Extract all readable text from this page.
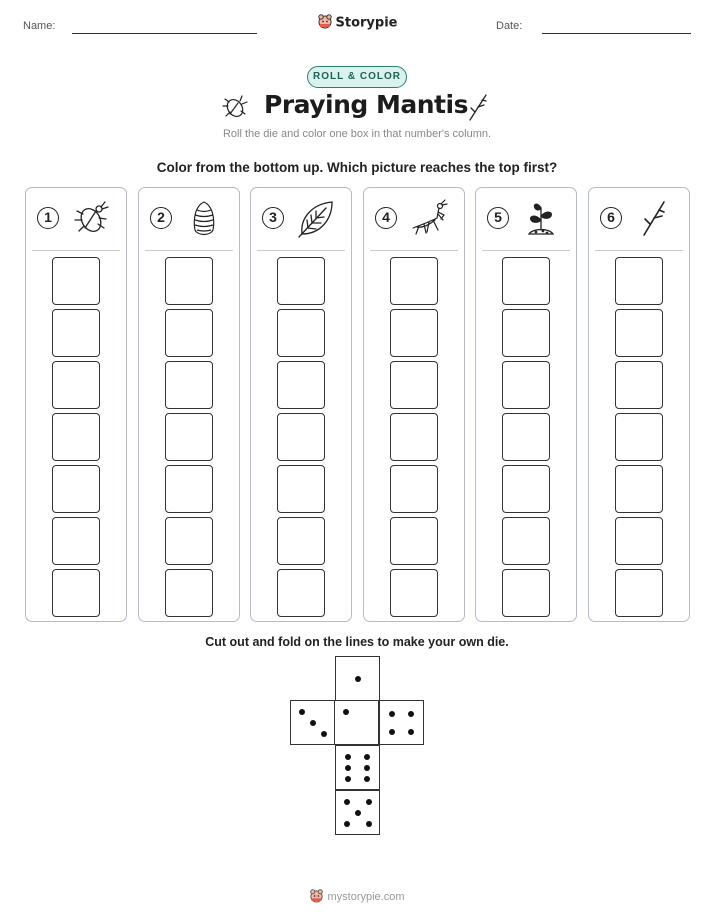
Name:	Date:
Storypie
ROLL & COLOR
Praying Mantis
Roll the die and color one box in that number's column.
Color from the bottom up. Which picture reaches the top first?
1	2	3	4	5	6
Cut out and fold on the lines to make your own die.
mystorypie.com
